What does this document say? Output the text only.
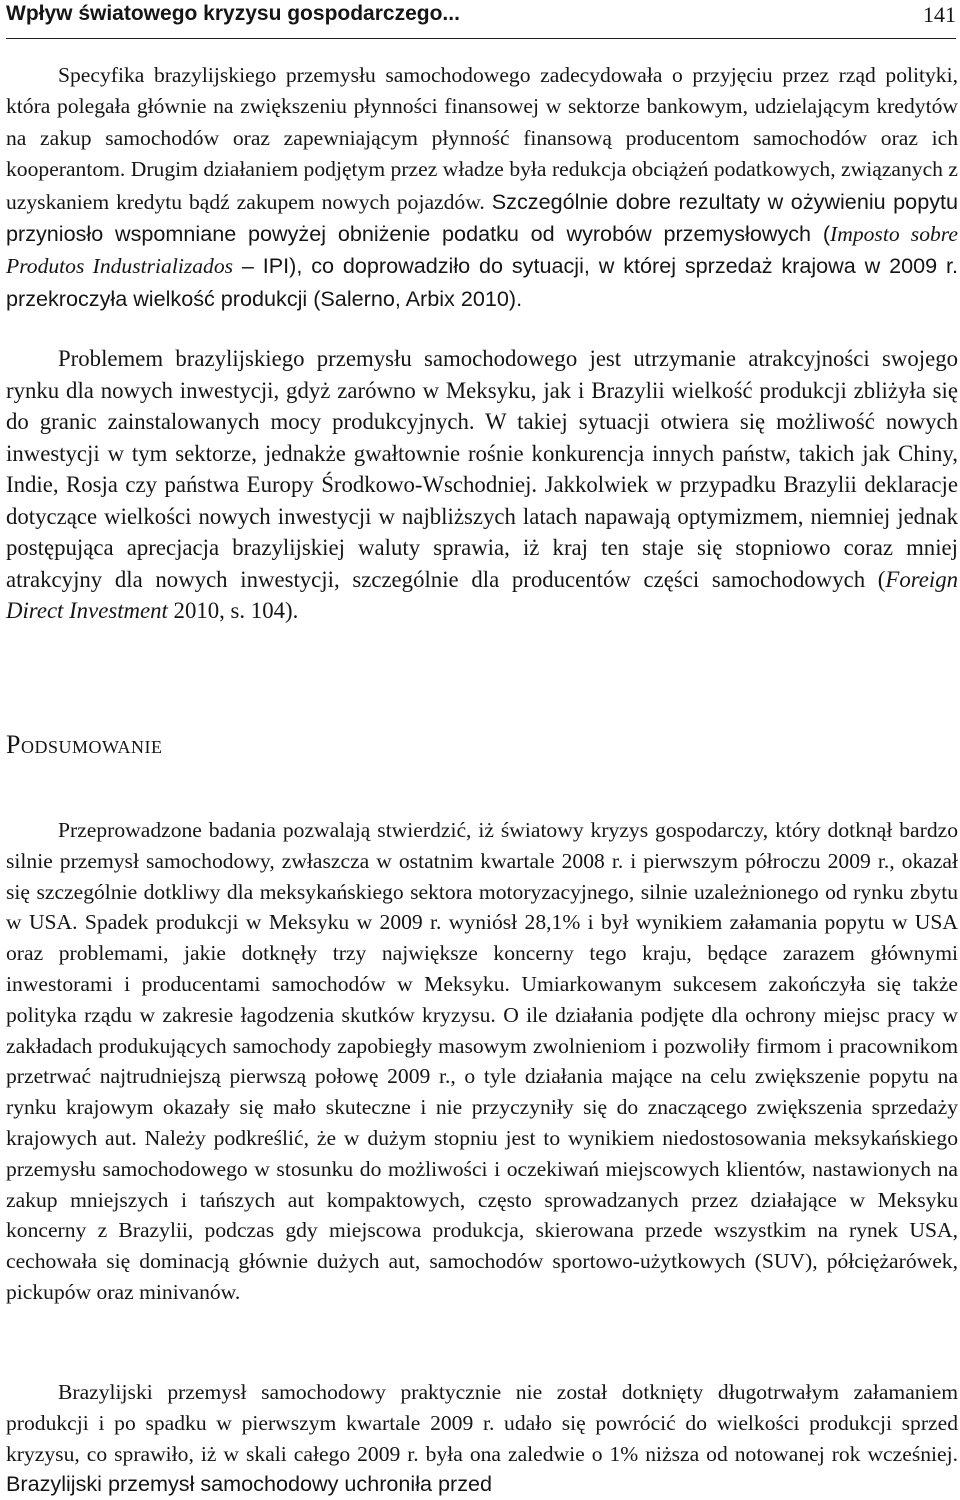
Wpływ światowego kryzysu gospodarczego...	141

Specyfika brazylijskiego przemysłu samochodowego zadecydowała o przyjęciu przez rząd polityki, która polegała głównie na zwiększeniu płynności finansowej w sektorze bankowym, udzielającym kredytów na zakup samochodów oraz zapewniającym płynność finansową producentom samochodów oraz ich kooperantom. Drugim działaniem podjętym przez władze była redukcja obciążeń podatkowych, związanych z uzyskaniem kredytu bądź zakupem nowych pojazdów. Szczególnie dobre rezultaty w ożywieniu popytu przyniosło wspomniane powyżej obniżenie podatku od wyrobów przemysłowych (Imposto sobre Produtos Industrializados – IPI), co doprowadziło do sytuacji, w której sprzedaż krajowa w 2009 r. przekroczyła wielkość produkcji (Salerno, Arbix 2010).

Problemem brazylijskiego przemysłu samochodowego jest utrzymanie atrakcyjności swojego rynku dla nowych inwestycji, gdyż zarówno w Meksyku, jak i Brazylii wielkość produkcji zbliżyła się do granic zainstalowanych mocy produkcyjnych. W takiej sytuacji otwiera się możliwość nowych inwestycji w tym sektorze, jednakże gwałtownie rośnie konkurencja innych państw, takich jak Chiny, Indie, Rosja czy państwa Europy Środkowo-Wschodniej. Jakkolwiek w przypadku Brazylii deklaracje dotyczące wielkości nowych inwestycji w najbliższych latach napawają optymizmem, niemniej jednak postępująca aprecjacja brazylijskiej waluty sprawia, iż kraj ten staje się stopniowo coraz mniej atrakcyjny dla nowych inwestycji, szczególnie dla producentów części samochodowych (Foreign Direct Investment 2010, s. 104).

Podsumowanie

Przeprowadzone badania pozwalają stwierdzić, iż światowy kryzys gospodarczy, który dotknął bardzo silnie przemysł samochodowy, zwłaszcza w ostatnim kwartale 2008 r. i pierwszym półroczu 2009 r., okazał się szczególnie dotkliwy dla meksykańskiego sektora motoryzacyjnego, silnie uzależnionego od rynku zbytu w USA. Spadek produkcji w Meksyku w 2009 r. wyniósł 28,1% i był wynikiem załamania popytu w USA oraz problemami, jakie dotknęły trzy największe koncerny tego kraju, będące zarazem głównymi inwestorami i producentami samochodów w Meksyku. Umiarkowanym sukcesem zakończyła się także polityka rządu w zakresie łagodzenia skutków kryzysu. O ile działania podjęte dla ochrony miejsc pracy w zakładach produkujących samochody zapobiegły masowym zwolnieniom i pozwoliły firmom i pracownikom przetrwać najtrudniejszą pierwszą połowę 2009 r., o tyle działania mające na celu zwiększenie popytu na rynku krajowym okazały się mało skuteczne i nie przyczyniły się do znaczącego zwiększenia sprzedaży krajowych aut. Należy podkreślić, że w dużym stopniu jest to wynikiem niedostosowania meksykańskiego przemysłu samochodowego w stosunku do możliwości i oczekiwań miejscowych klientów, nastawionych na zakup mniejszych i tańszych aut kompaktowych, często sprowadzanych przez działające w Meksyku koncerny z Brazylii, podczas gdy miejscowa produkcja, skierowana przede wszystkim na rynek USA, cechowała się dominacją głównie dużych aut, samochodów sportowo-użytkowych (SUV), półciężarówek, pickupów oraz minivanów.

Brazylijski przemysł samochodowy praktycznie nie został dotknięty długotrwałym załamaniem produkcji i po spadku w pierwszym kwartale 2009 r. udało się powrócić do wielkości produkcji sprzed kryzysu, co sprawiło, iż w skali całego 2009 r. była ona zaledwie o 1% niższa od notowanej rok wcześniej. Brazylijski przemysł samochodowy uchroniła przed
